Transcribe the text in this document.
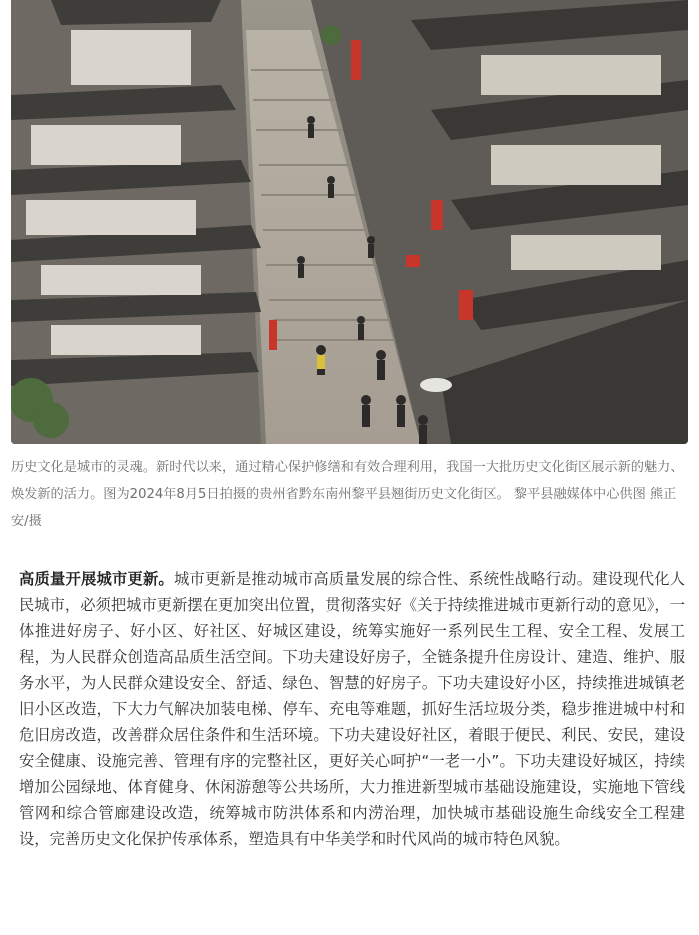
历史文化是城市的灵魂。新时代以来，通过精心保护修缮和有效合理利用，我国一大批历史文化街区展示新的魅力、焕发新的活力。图为2024年8月5日拍摄的贵州省黔东南州黎平县翘街历史文化街区。 黎平县融媒体中心供图 熊正安/摄

高质量开展城市更新。城市更新是推动城市高质量发展的综合性、系统性战略行动。建设现代化人民城市，必须把城市更新摆在更加突出位置，贯彻落实好《关于持续推进城市更新行动的意见》，一体推进好房子、好小区、好社区、好城区建设，统筹实施好一系列民生工程、安全工程、发展工程，为人民群众创造高品质生活空间。下功夫建设好房子，全链条提升住房设计、建造、维护、服务水平，为人民群众建设安全、舒适、绿色、智慧的好房子。下功夫建设好小区，持续推进城镇老旧小区改造，下大力气解决加装电梯、停车、充电等难题，抓好生活垃圾分类，稳步推进城中村和危旧房改造，改善群众居住条件和生活环境。下功夫建设好社区，着眼于便民、利民、安民，建设安全健康、设施完善、管理有序的完整社区，更好关心呵护“一老一小”。下功夫建设好城区，持续增加公园绿地、体育健身、休闲游憩等公共场所，大力推进新型城市基础设施建设，实施地下管线管网和综合管廊建设改造，统筹城市防洪体系和内涝治理，加快城市基础设施生命线安全工程建设，完善历史文化保护传承体系，塑造具有中华美学和时代风尚的城市特色风貌。
